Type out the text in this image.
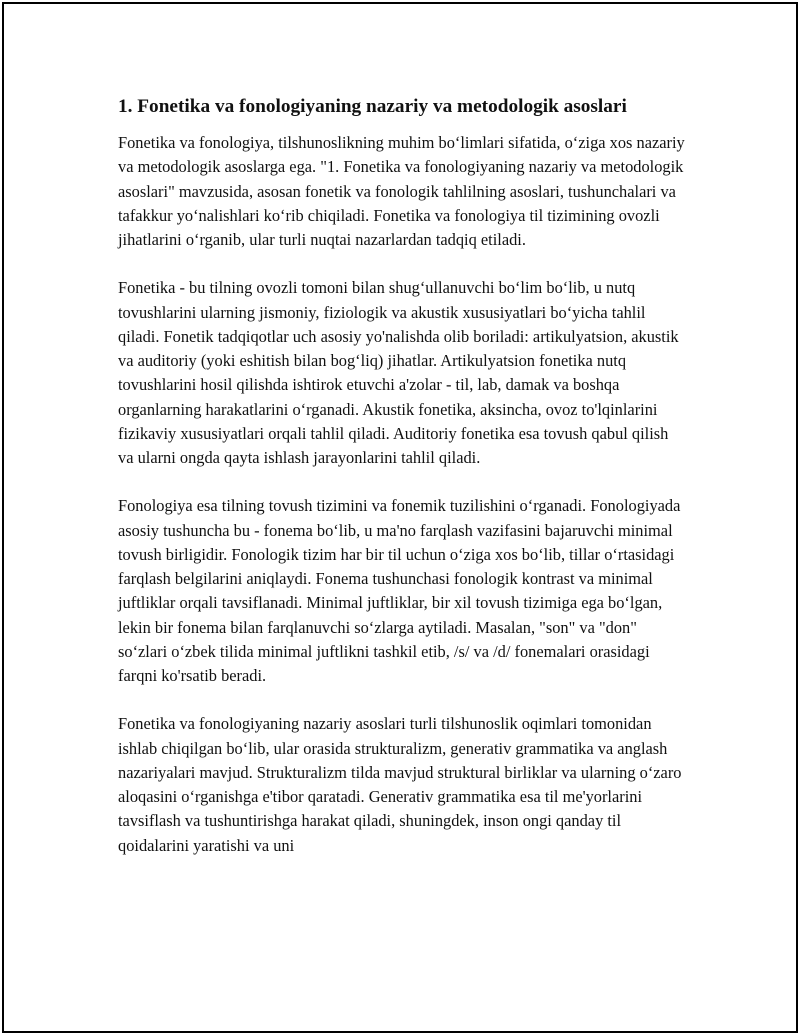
1. Fonetika va fonologiyaning nazariy va metodologik asoslari

Fonetika va fonologiya, tilshunoslikning muhim bo‘limlari sifatida, o‘ziga xos nazariy va metodologik asoslarga ega. "1. Fonetika va fonologiyaning nazariy va metodologik asoslari" mavzusida, asosan fonetik va fonologik tahlilning asoslari, tushunchalari va tafakkur yo‘nalishlari ko‘rib chiqiladi. Fonetika va fonologiya til tizimining ovozli jihatlarini o‘rganib, ular turli nuqtai nazarlardan tadqiq etiladi.

Fonetika - bu tilning ovozli tomoni bilan shug‘ullanuvchi bo‘lim bo‘lib, u nutq tovushlarini ularning jismoniy, fiziologik va akustik xususiyatlari bo‘yicha tahlil qiladi. Fonetik tadqiqotlar uch asosiy yo'nalishda olib boriladi: artikulyatsion, akustik va auditoriy (yoki eshitish bilan bog‘liq) jihatlar. Artikulyatsion fonetika nutq tovushlarini hosil qilishda ishtirok etuvchi a'zolar - til, lab, damak va boshqa organlarning harakatlarini o‘rganadi. Akustik fonetika, aksincha, ovoz to'lqinlarini fizikaviy xususiyatlari orqali tahlil qiladi. Auditoriy fonetika esa tovush qabul qilish va ularni ongda qayta ishlash jarayonlarini tahlil qiladi.

Fonologiya esa tilning tovush tizimini va fonemik tuzilishini o‘rganadi. Fonologiyada asosiy tushuncha bu - fonema bo‘lib, u ma'no farqlash vazifasini bajaruvchi minimal tovush birligidir. Fonologik tizim har bir til uchun o‘ziga xos bo‘lib, tillar o‘rtasidagi farqlash belgilarini aniqlaydi. Fonema tushunchasi fonologik kontrast va minimal juftliklar orqali tavsiflanadi. Minimal juftliklar, bir xil tovush tizimiga ega bo‘lgan, lekin bir fonema bilan farqlanuvchi so‘zlarga aytiladi. Masalan, "son" va "don" so‘zlari o‘zbek tilida minimal juftlikni tashkil etib, /s/ va /d/ fonemalari orasidagi farqni ko'rsatib beradi.

Fonetika va fonologiyaning nazariy asoslari turli tilshunoslik oqimlari tomonidan ishlab chiqilgan bo‘lib, ular orasida strukturalizm, generativ grammatika va anglash nazariyalari mavjud. Strukturalizm tilda mavjud struktural birliklar va ularning o‘zaro aloqasini o‘rganishga e'tibor qaratadi. Generativ grammatika esa til me'yorlarini tavsiflash va tushuntirishga harakat qiladi, shuningdek, inson ongi qanday til qoidalarini yaratishi va uni
